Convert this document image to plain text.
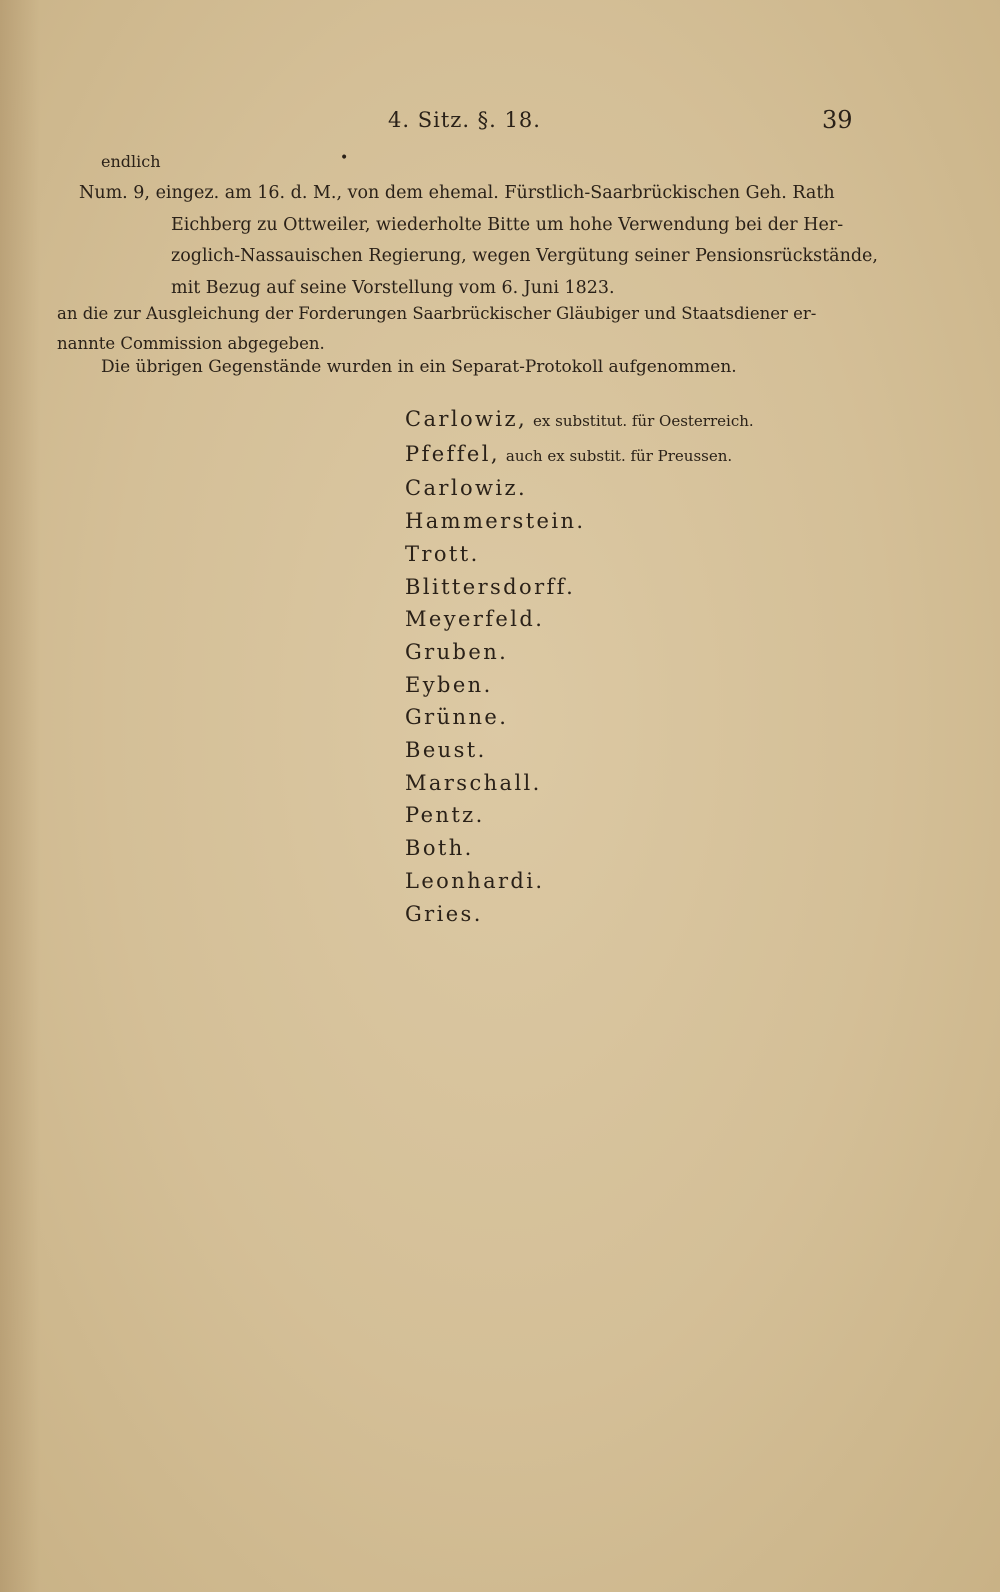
4. Sitz. §. 18.	39
endlich	•
Num. 9, eingez. am 16. d. M., von dem ehemal. Fürstlich-Saarbrückischen Geh. Rath
Eichberg zu Ottweiler, wiederholte Bitte um hohe Verwendung bei der Her-
zoglich-Nassauischen Regierung, wegen Vergütung seiner Pensionsrückstände,
mit Bezug auf seine Vorstellung vom 6. Juni 1823.
an die zur Ausgleichung der Forderungen Saarbrückischer Gläubiger und Staatsdiener er-
nannte Commission abgegeben.
Die übrigen Gegenstände wurden in ein Separat-Protokoll aufgenommen.
Carlowiz, ex substitut. für Oesterreich.
Pfeffel, auch ex substit. für Preussen.
Carlowiz.
Hammerstein.
Trott.
Blittersdorff.
Meyerfeld.
Gruben.
Eyben.
Grünne.
Beust.
Marschall.
Pentz.
Both.
Leonhardi.
Gries.
